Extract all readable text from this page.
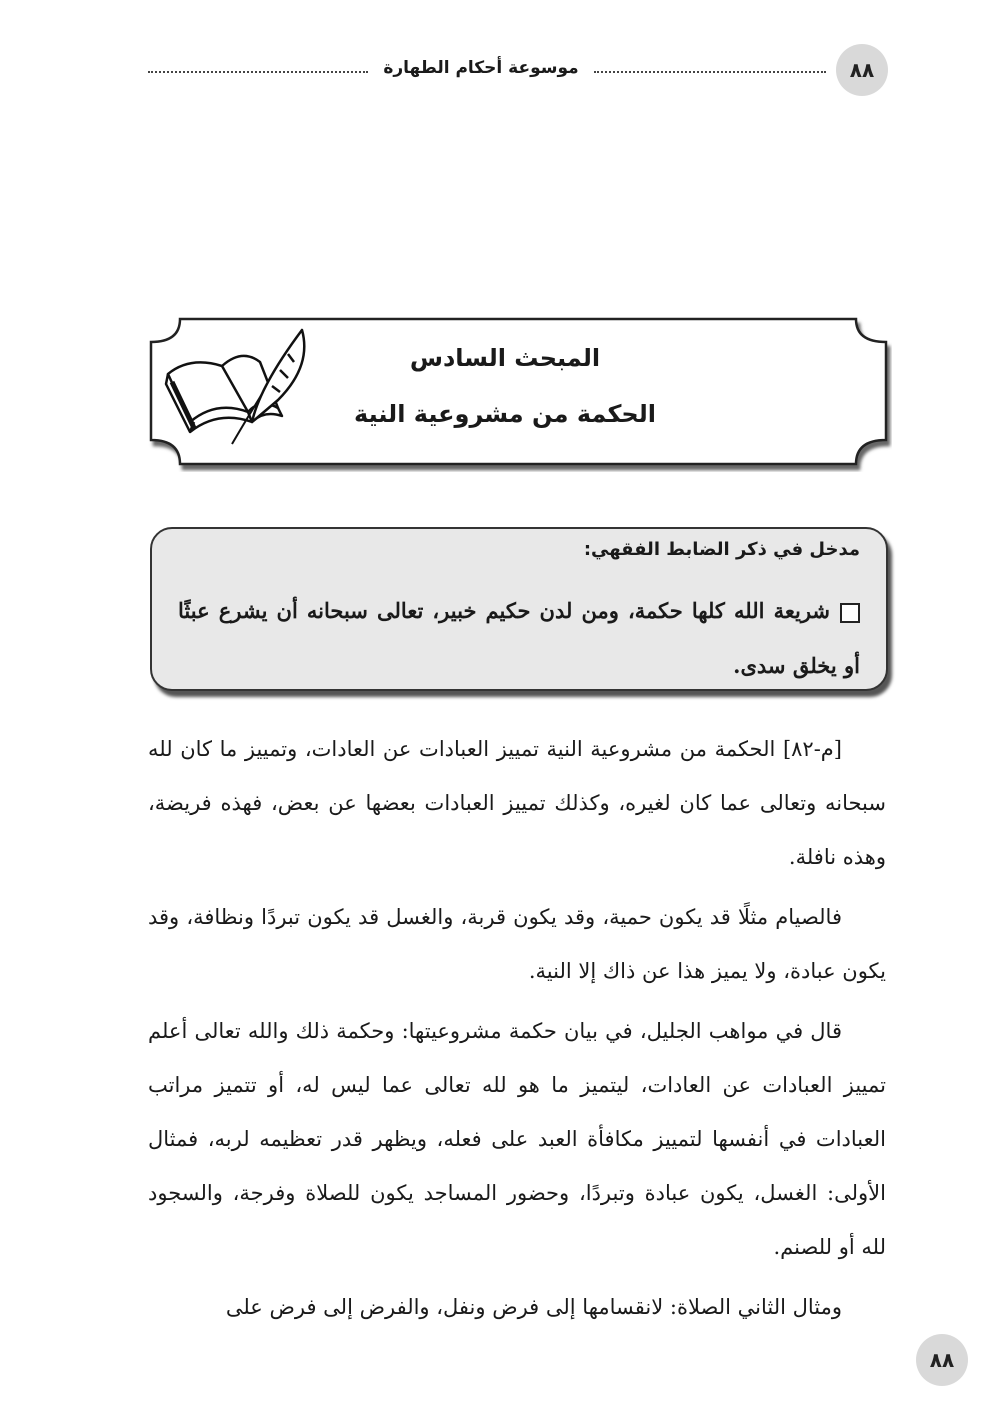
٨٨
موسوعة أحكام الطهارة
المبحث السادس
الحكمة من مشروعية النية
مدخل في ذكر الضابط الفقهي:
شريعة الله كلها حكمة، ومن لدن حكيم خبير، تعالى سبحانه أن يشرع عبثًا أو يخلق سدى.

[م-٨٢] الحكمة من مشروعية النية تمييز العبادات عن العادات، وتمييز ما كان لله سبحانه وتعالى عما كان لغيره، وكذلك تمييز العبادات بعضها عن بعض، فهذه فريضة، وهذه نافلة.

فالصيام مثلًا قد يكون حمية، وقد يكون قربة، والغسل قد يكون تبردًا ونظافة، وقد يكون عبادة، ولا يميز هذا عن ذاك إلا النية.

قال في مواهب الجليل، في بيان حكمة مشروعيتها: وحكمة ذلك والله تعالى أعلم تمييز العبادات عن العادات، ليتميز ما هو لله تعالى عما ليس له، أو تتميز مراتب العبادات في أنفسها لتمييز مكافأة العبد على فعله، ويظهر قدر تعظيمه لربه، فمثال الأولى: الغسل، يكون عبادة وتبردًا، وحضور المساجد يكون للصلاة وفرجة، والسجود لله أو للصنم.

ومثال الثاني الصلاة: لانقسامها إلى فرض ونفل، والفرض إلى فرض على

٨٨
